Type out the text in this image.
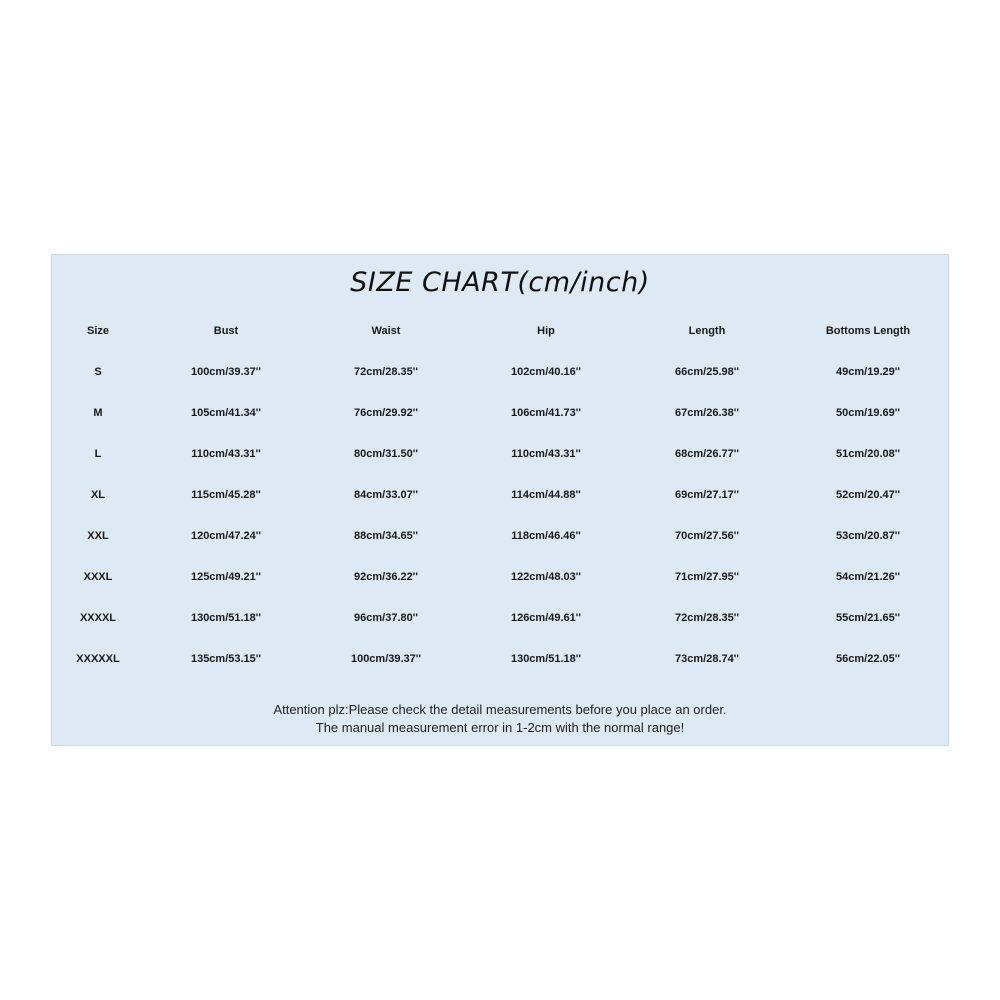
SIZE CHART(cm/inch)
Size	Bust	Waist	Hip	Length	Bottoms Length
S	100cm/39.37''	72cm/28.35''	102cm/40.16''	66cm/25.98''	49cm/19.29''
M	105cm/41.34''	76cm/29.92''	106cm/41.73''	67cm/26.38''	50cm/19.69''
L	110cm/43.31''	80cm/31.50''	110cm/43.31''	68cm/26.77''	51cm/20.08''
XL	115cm/45.28''	84cm/33.07''	114cm/44.88''	69cm/27.17''	52cm/20.47''
XXL	120cm/47.24''	88cm/34.65''	118cm/46.46''	70cm/27.56''	53cm/20.87''
XXXL	125cm/49.21''	92cm/36.22''	122cm/48.03''	71cm/27.95''	54cm/21.26''
XXXXL	130cm/51.18''	96cm/37.80''	126cm/49.61''	72cm/28.35''	55cm/21.65''
XXXXXL	135cm/53.15''	100cm/39.37''	130cm/51.18''	73cm/28.74''	56cm/22.05''
Attention plz:Please check the detail measurements before you place an order.
The manual measurement error in 1-2cm with the normal range!
